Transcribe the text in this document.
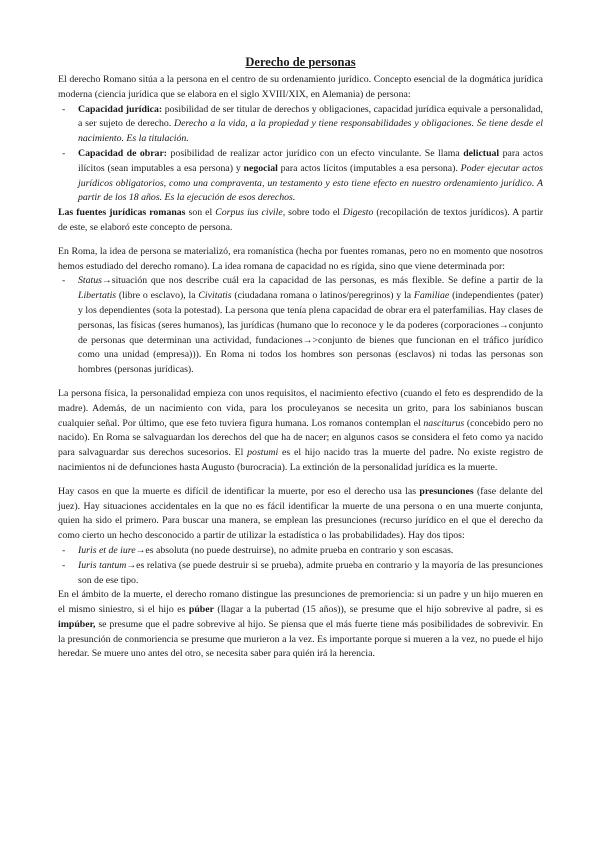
Derecho de personas

El derecho Romano sitúa a la persona en el centro de su ordenamiento jurídico. Concepto esencial de la dogmática jurídica moderna (ciencia jurídica que se elabora en el siglo XVIII/XIX, en Alemania) de persona:

- Capacidad jurídica: posibilidad de ser titular de derechos y obligaciones, capacidad jurídica equivale a personalidad, a ser sujeto de derecho. Derecho a la vida, a la propiedad y tiene responsabilidades y obligaciones. Se tiene desde el nacimiento. Es la titulación.
- Capacidad de obrar: posibilidad de realizar actor jurídico con un efecto vinculante. Se llama delictual para actos ilícitos (sean imputables a esa persona) y negocial para actos lícitos (imputables a esa persona). Poder ejecutar actos jurídicos obligatorios, como una compraventa, un testamento y esto tiene efecto en nuestro ordenamiento jurídico. A partir de los 18 años. Es la ejecución de esos derechos.

Las fuentes jurídicas romanas son el Corpus ius civile, sobre todo el Digesto (recopilación de textos jurídicos). A partir de este, se elaboró este concepto de persona.

En Roma, la idea de persona se materializó, era romanística (hecha por fuentes romanas, pero no en momento que nosotros hemos estudiado del derecho romano). La idea romana de capacidad no es rígida, sino que viene determinada por:

- Status→situación que nos describe cuál era la capacidad de las personas, es más flexible. Se define a partir de la Libertatis (libre o esclavo), la Civitatis (ciudadana romana o latinos/peregrinos) y la Familiae (independientes (pater) y los dependientes (sota la potestad). La persona que tenía plena capacidad de obrar era el paterfamilias. Hay clases de personas, las físicas (seres humanos), las jurídicas (humano que lo reconoce y le da poderes (corporaciones→conjunto de personas que determinan una actividad, fundaciones→>conjunto de bienes que funcionan en el tráfico jurídico como una unidad (empresa))). En Roma ni todos los hombres son personas (esclavos) ni todas las personas son hombres (personas jurídicas).

La persona física, la personalidad empieza con unos requisitos, el nacimiento efectivo (cuando el feto es desprendido de la madre). Además, de un nacimiento con vida, para los proculeyanos se necesita un grito, para los sabinianos buscan cualquier señal. Por último, que ese feto tuviera figura humana. Los romanos contemplan el nasciturus (concebido pero no nacido). En Roma se salvaguardan los derechos del que ha de nacer; en algunos casos se considera el feto como ya nacido para salvaguardar sus derechos sucesorios. El postumi es el hijo nacido tras la muerte del padre. No existe registro de nacimientos ni de defunciones hasta Augusto (burocracia). La extinción de la personalidad jurídica es la muerte.

Hay casos en que la muerte es difícil de identificar la muerte, por eso el derecho usa las presunciones (fase delante del juez). Hay situaciones accidentales en la que no es fácil identificar la muerte de una persona o en una muerte conjunta, quien ha sido el primero. Para buscar una manera, se emplean las presunciones (recurso jurídico en el que el derecho da como cierto un hecho desconocido a partir de utilizar la estadística o las probabilidades). Hay dos tipos:

- Iuris et de iure→es absoluta (no puede destruirse), no admite prueba en contrario y son escasas.
- Iuris tantum→es relativa (se puede destruir si se prueba), admite prueba en contrario y la mayoría de las presunciones son de ese tipo.

En el ámbito de la muerte, el derecho romano distingue las presunciones de premoriencia: si un padre y un hijo mueren en el mismo siniestro, si el hijo es púber (llagar a la pubertad (15 años)), se presume que el hijo sobrevive al padre, si es impúber, se presume que el padre sobrevive al hijo. Se piensa que el más fuerte tiene más posibilidades de sobrevivir. En la presunción de conmoriencia se presume que murieron a la vez. Es importante porque si mueren a la vez, no puede el hijo heredar. Se muere uno antes del otro, se necesita saber para quién irá la herencia.
